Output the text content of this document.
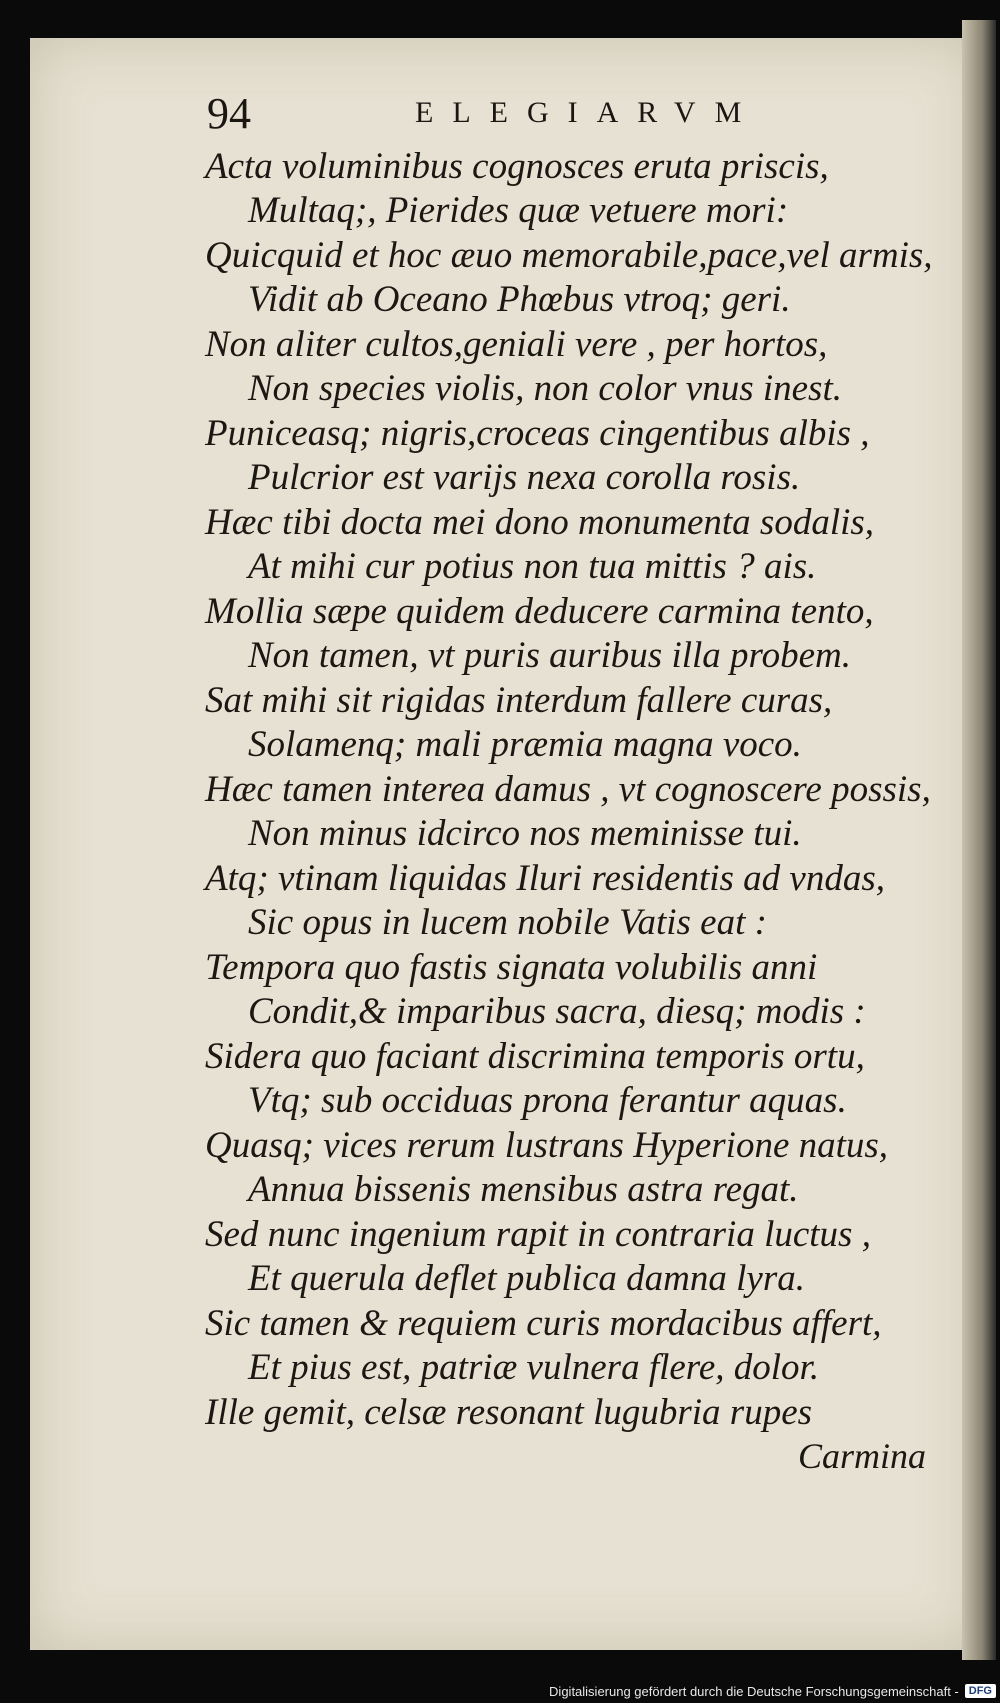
94	ELEGIARVM
Acta voluminibus cognosces eruta priscis,
Multaq;, Pierides quæ vetuere mori:
Quicquid et hoc æuo memorabile,pace,vel armis,
Vidit ab Oceano Phœbus vtroq; geri.
Non aliter cultos,geniali vere , per hortos,
Non species violis, non color vnus inest.
Puniceasq; nigris,croceas cingentibus albis ,
Pulcrior est varijs nexa corolla rosis.
Hæc tibi docta mei dono monumenta sodalis,
At mihi cur potius non tua mittis ? ais.
Mollia sæpe quidem deducere carmina tento,
Non tamen, vt puris auribus illa probem.
Sat mihi sit rigidas interdum fallere curas,
Solamenq; mali præmia magna voco.
Hæc tamen interea damus , vt cognoscere possis,
Non minus idcirco nos meminisse tui.
Atq; vtinam liquidas Iluri residentis ad vndas,
Sic opus in lucem nobile Vatis eat :
Tempora quo fastis signata volubilis anni
Condit,& imparibus sacra, diesq; modis :
Sidera quo faciant discrimina temporis ortu,
Vtq; sub occiduas prona ferantur aquas.
Quasq; vices rerum lustrans Hyperione natus,
Annua bissenis mensibus astra regat.
Sed nunc ingenium rapit in contraria luctus ,
Et querula deflet publica damna lyra.
Sic tamen & requiem curis mordacibus affert,
Et pius est, patriæ vulnera flere, dolor.
Ille gemit, celsæ resonant lugubria rupes
Carmina
Digitalisierung gefördert durch die Deutsche Forschungsgemeinschaft - DFG
